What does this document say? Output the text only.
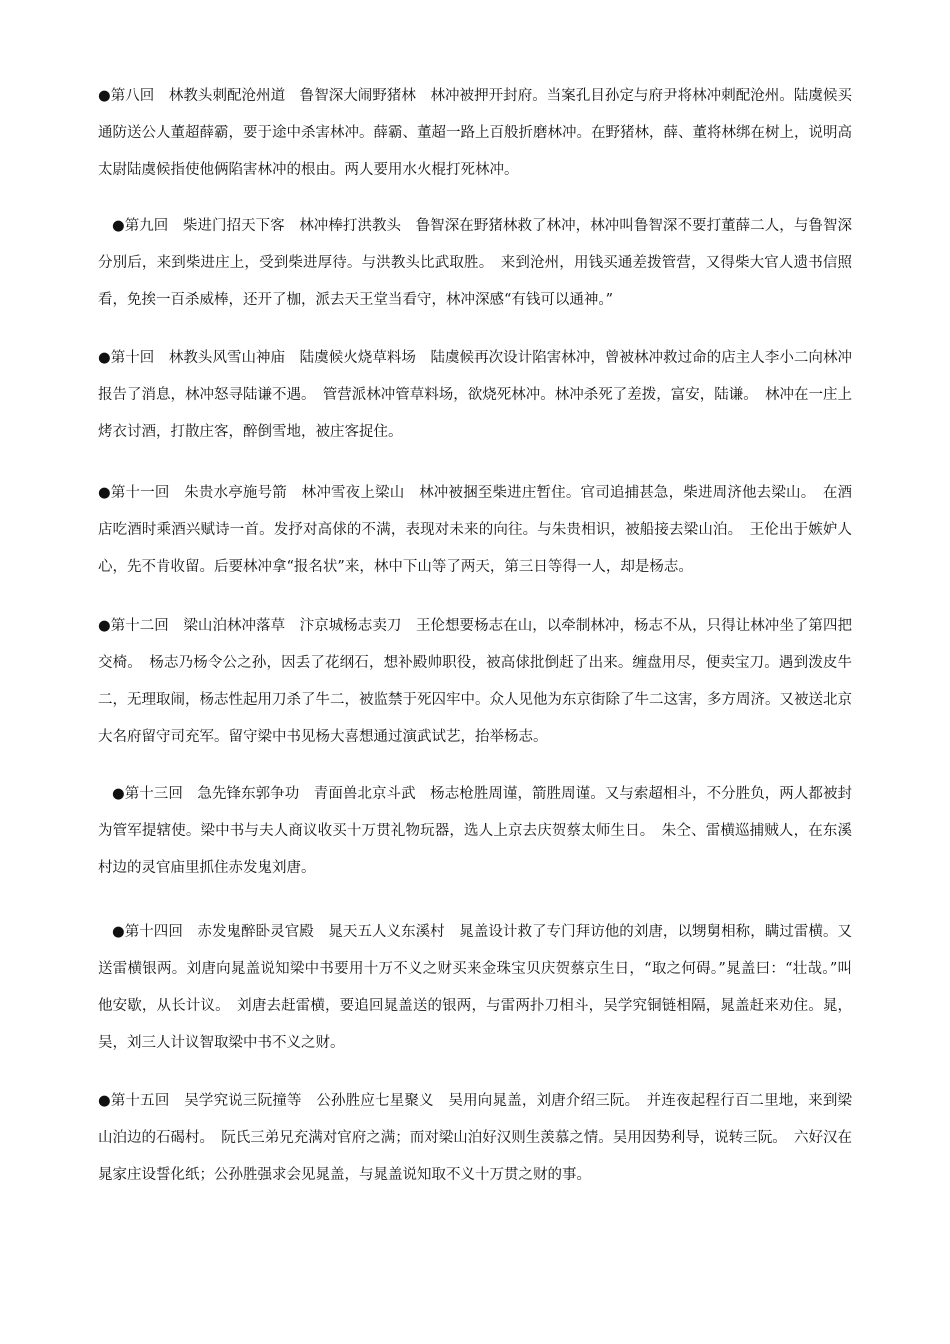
●第八回　林教头刺配沧州道　鲁智深大闹野猪林　林冲被押开封府。当案孔目孙定与府尹将林冲刺配沧州。陆虞候买通防送公人董超薛霸，要于途中杀害林冲。薛霸、董超一路上百般折磨林冲。在野猪林，薛、董将林绑在树上，说明高太尉陆虞候指使他俩陷害林冲的根由。两人要用水火棍打死林冲。

●第九回　柴进门招天下客　林冲棒打洪教头　鲁智深在野猪林救了林冲，林冲叫鲁智深不要打董薛二人，与鲁智深分別后，来到柴进庄上，受到柴进厚待。与洪教头比武取胜。　来到沧州，用钱买通差拨管营，又得柴大官人遗书信照看，免挨一百杀威棒，还开了枷，派去天王堂当看守，林冲深感“有钱可以通神。”

●第十回　林教头风雪山神庙　陆虞候火烧草料场　陆虞候再次设计陷害林冲，曾被林冲救过命的店主人李小二向林冲报告了消息，林冲怒寻陆谦不遇。　管营派林冲管草料场，欲烧死林冲。林冲杀死了差拨，富安，陆谦。　林冲在一庄上烤衣讨酒，打散庄客，醉倒雪地，被庄客捉住。

●第十一回　朱贵水亭施号箭　林冲雪夜上梁山　林冲被捆至柴进庄暂住。官司追捕甚急，柴进周济他去梁山。　在酒店吃酒时乘酒兴赋诗一首。发抒对高俅的不满，表现对未来的向往。与朱贵相识，被船接去梁山泊。　王伦出于嫉妒人心，先不肯收留。后要林冲拿“报名状”来，林中下山等了两天，第三日等得一人，却是杨志。

●第十二回　梁山泊林冲落草　汴京城杨志卖刀　王伦想要杨志在山，以牵制林冲，杨志不从，只得让林冲坐了第四把交椅。　杨志乃杨令公之孙，因丢了花纲石，想补殿帅职役，被高俅批倒赶了出来。缠盘用尽，便卖宝刀。遇到泼皮牛二，无理取闹，杨志性起用刀杀了牛二，被监禁于死囚牢中。众人见他为东京街除了牛二这害，多方周济。又被送北京大名府留守司充军。留守梁中书见杨大喜想通过演武试艺，抬举杨志。

●第十三回　急先锋东郭争功　青面兽北京斗武　杨志枪胜周谨，箭胜周谨。又与索超相斗，不分胜负，两人都被封为管军提辖使。梁中书与夫人商议收买十万贯礼物玩器，选人上京去庆贺蔡太师生日。　朱仝、雷横巡捕贼人，在东溪村边的灵官庙里抓住赤发鬼刘唐。

●第十四回　赤发鬼醉卧灵官殿　晁天五人义东溪村　晁盖设计救了专门拜访他的刘唐，以甥舅相称，瞒过雷横。又送雷横银两。刘唐向晁盖说知梁中书要用十万不义之财买来金珠宝贝庆贺蔡京生日，“取之何碍。”晁盖曰：“壮哉。”叫他安歇，从长计议。　刘唐去赶雷横，要追回晁盖送的银两，与雷两扑刀相斗，吴学究铜链相隔，晁盖赶来劝住。晁，吴，刘三人计议智取梁中书不义之财。

●第十五回　吴学究说三阮撞等　公孙胜应七星聚义　吴用向晁盖，刘唐介绍三阮。　并连夜起程行百二里地，来到梁山泊边的石碣村。　阮氏三弟兄充满对官府之满；而对梁山泊好汉则生羡慕之情。吴用因势利导，说转三阮。　六好汉在晁家庄设誓化纸；公孙胜强求会见晁盖，与晁盖说知取不义十万贯之财的事。
